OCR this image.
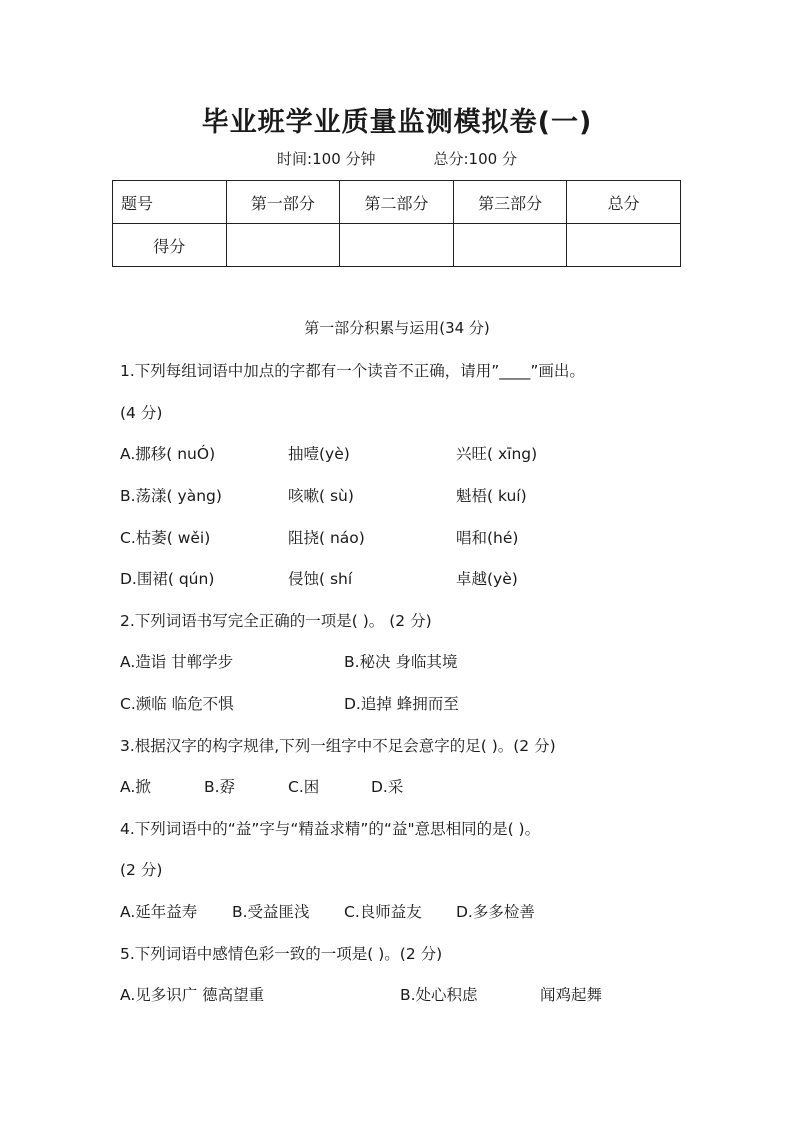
毕业班学业质量监测模拟卷(一)
时间:100 分钟	总分:100 分
题号	第一部分	第二部分	第三部分	总分
得分				
第一部分积累与运用(34 分)
1.下列每组词语中加点的字都有一个读音不正确，请用”____”画出。
(4 分)
A.挪移( nuÓ)	抽噎(yè)	兴旺( xīng)
B.荡漾( yàng)	咳嗽( sù)	魁梧( kuí)
C.枯萎( wěi)	阻挠( náo)	唱和(hé)
D.围裙( qún)	侵蚀( shí	卓越(yè)
2.下列词语书写完全正确的一项是( )。 (2 分)
A.造诣 甘郸学步	B.秘决 身临其境
C.濒临 临危不惧	D.追掉 蜂拥而至
3.根据汉字的构字规律,下列一组字中不足会意字的足( )。(2 分)
A.掀	B.孬	C.困	D.采
4.下列词语中的“益”字与“精益求精”的“益"意思相同的是( )。
(2 分)
A.延年益寿 B.受益匪浅 C.良师益友 D.多多检善
5.下列词语中感情色彩一致的一项是( )。(2 分)
A.见多识广 德高望重	B.处心积虑	闻鸡起舞
